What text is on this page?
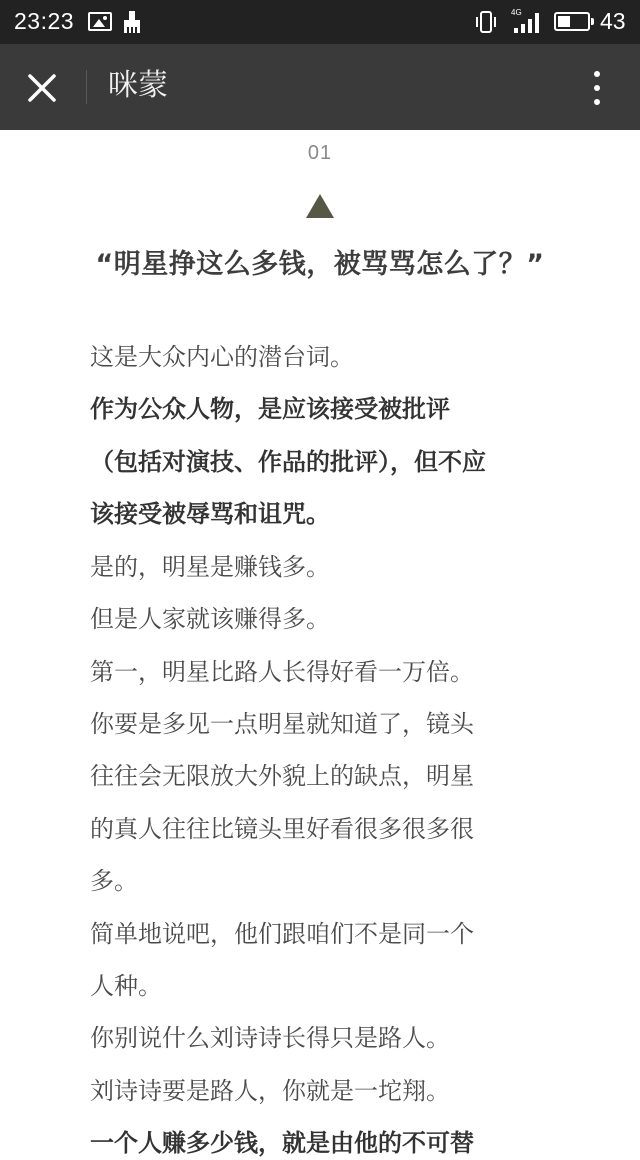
23:23	4G	43
咪蒙
01
“明星挣这么多钱，被骂骂怎么了？”
这是大众内心的潜台词。
作为公众人物，是应该接受被批评
（包括对演技、作品的批评），但不应
该接受被辱骂和诅咒。
是的，明星是赚钱多。
但是人家就该赚得多。
第一，明星比路人长得好看一万倍。
你要是多见一点明星就知道了，镜头
往往会无限放大外貌上的缺点，明星
的真人往往比镜头里好看很多很多很
多。
简单地说吧，他们跟咱们不是同一个
人种。
你别说什么刘诗诗长得只是路人。
刘诗诗要是路人，你就是一坨翔。
一个人赚多少钱，就是由他的不可替
